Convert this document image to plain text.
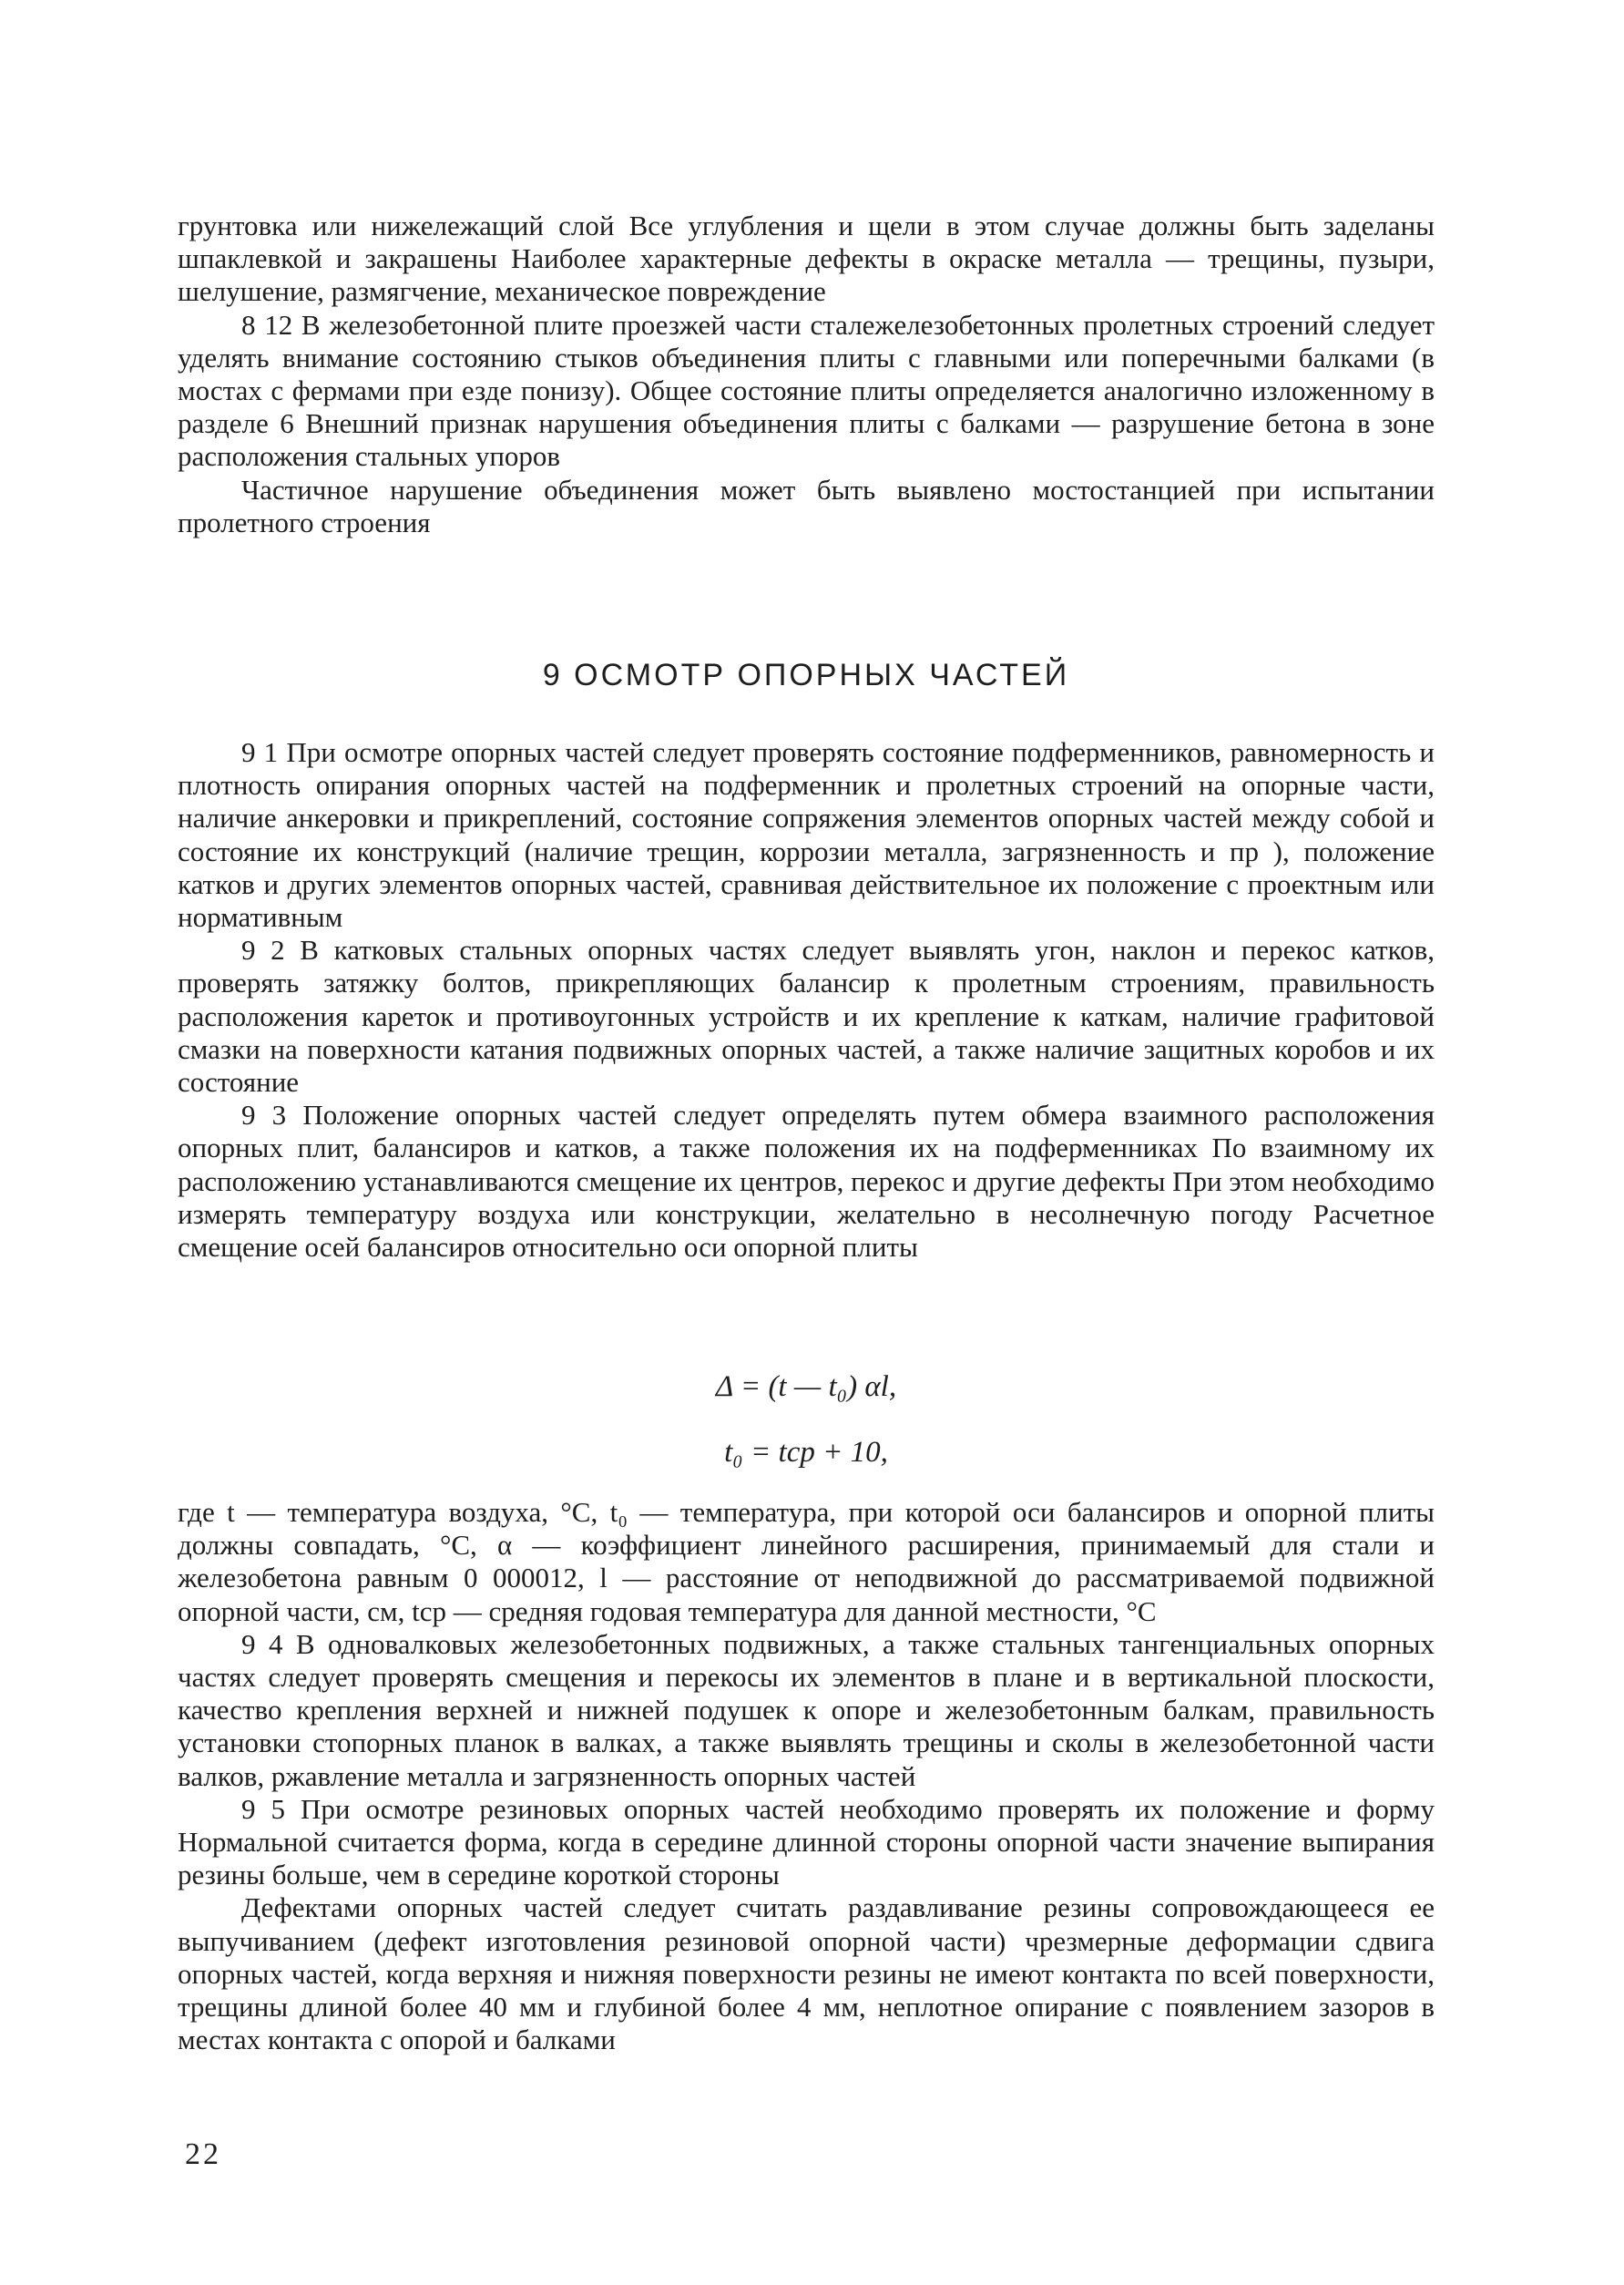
грунтовка или нижележащий слой Все углубления и щели в этом случае должны быть заделаны шпаклевкой и закрашены Наиболее характерные дефекты в окраске металла — трещины, пузыри, шелушение, размягчение, механическое повреждение

8 12 В железобетонной плите проезжей части сталежелезобетонных пролетных строений следует уделять внимание состоянию стыков объединения плиты с главными или поперечными балками (в мостах с фермами при езде понизу). Общее состояние плиты определяется аналогично изложенному в разделе 6 Внешний признак нарушения объединения плиты с балками — разрушение бетона в зоне расположения стальных упоров

Частичное нарушение объединения может быть выявлено мостостанцией при испытании пролетного строения

9 ОСМОТР ОПОРНЫХ ЧАСТЕЙ

9 1 При осмотре опорных частей следует проверять состояние подферменников, равномерность и плотность опирания опорных частей на подферменник и пролетных строений на опорные части, наличие анкеровки и прикреплений, состояние сопряжения элементов опорных частей между собой и состояние их конструкций (наличие трещин, коррозии металла, загрязненность и пр ), положение катков и других элементов опорных частей, сравнивая действительное их положение с проектным или нормативным

9 2 В катковых стальных опорных частях следует выявлять угон, наклон и перекос катков, проверять затяжку болтов, прикрепляющих балансир к пролетным строениям, правильность расположения кареток и противоугонных устройств и их крепление к каткам, наличие графитовой смазки на поверхности катания подвижных опорных частей, а также наличие защитных коробов и их состояние

9 3 Положение опорных частей следует определять путем обмера взаимного расположения опорных плит, балансиров и катков, а также положения их на подферменниках По взаимному их расположению устанавливаются смещение их центров, перекос и другие дефекты При этом необходимо измерять температуру воздуха или конструкции, желательно в несолнечную погоду Расчетное смещение осей балансиров относительно оси опорной плиты

Δ = (t — t₀) αl,
t₀ = tср + 10,

где t — температура воздуха, °С, t₀ — температура, при которой оси балансиров и опорной плиты должны совпадать, °С, α — коэффициент линейного расширения, принимаемый для стали и железобетона равным 0 000012, l — расстояние от неподвижной до рассматриваемой подвижной опорной части, см, tср — средняя годовая температура для данной местности, °С

9 4 В одновалковых железобетонных подвижных, а также стальных тангенциальных опорных частях следует проверять смещения и перекосы их элементов в плане и в вертикальной плоскости, качество крепления верхней и нижней подушек к опоре и железобетонным балкам, правильность установки стопорных планок в валках, а также выявлять трещины и сколы в железобетонной части валков, ржавление металла и загрязненность опорных частей

9 5 При осмотре резиновых опорных частей необходимо проверять их положение и форму Нормальной считается форма, когда в середине длинной стороны опорной части значение выпирания резины больше, чем в середине короткой стороны

Дефектами опорных частей следует считать раздавливание резины сопровождающееся ее выпучиванием (дефект изготовления резиновой опорной части) чрезмерные деформации сдвига опорных частей, когда верхняя и нижняя поверхности резины не имеют контакта по всей поверхности, трещины длиной более 40 мм и глубиной более 4 мм, неплотное опирание с появлением зазоров в местах контакта с опорой и балками

22
